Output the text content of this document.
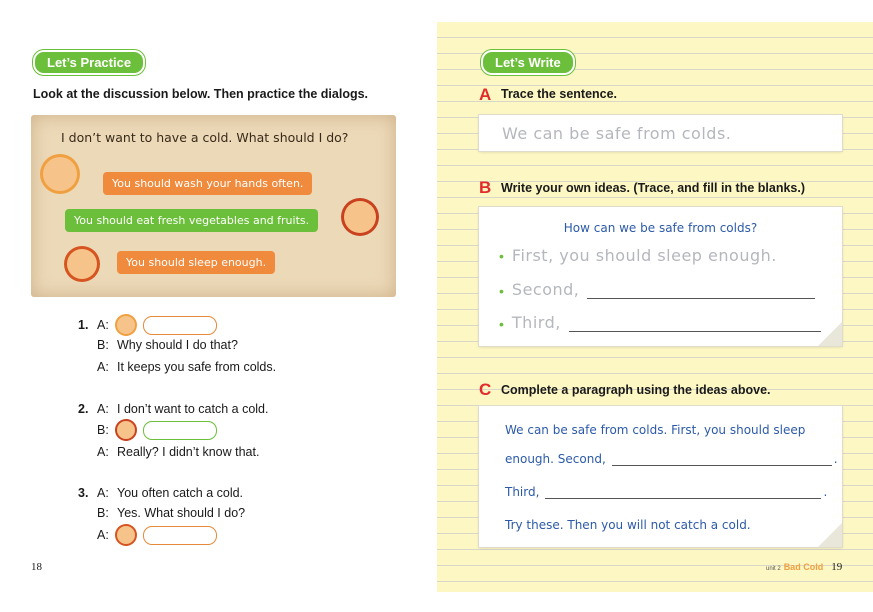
Let’s Practice
Look at the discussion below. Then practice the dialogs.
I don’t want to have a cold. What should I do?
You should wash your hands often.
You should eat fresh vegetables and fruits.
You should sleep enough.
1. A:
B: Why should I do that?
A: It keeps you safe from colds.
2. A: I don’t want to catch a cold.
B:
A: Really? I didn’t know that.
3. A: You often catch a cold.
B: Yes. What should I do?
A:
18
Let’s Write
A Trace the sentence.
We can be safe from colds.
B Write your own ideas. (Trace, and fill in the blanks.)
How can we be safe from colds?
• First, you should sleep enough.
• Second,
• Third,
C Complete a paragraph using the ideas above.
We can be safe from colds. First, you should sleep
enough. Second,	.
Third,	.
Try these. Then you will not catch a cold.
unit 2 Bad Cold 19
